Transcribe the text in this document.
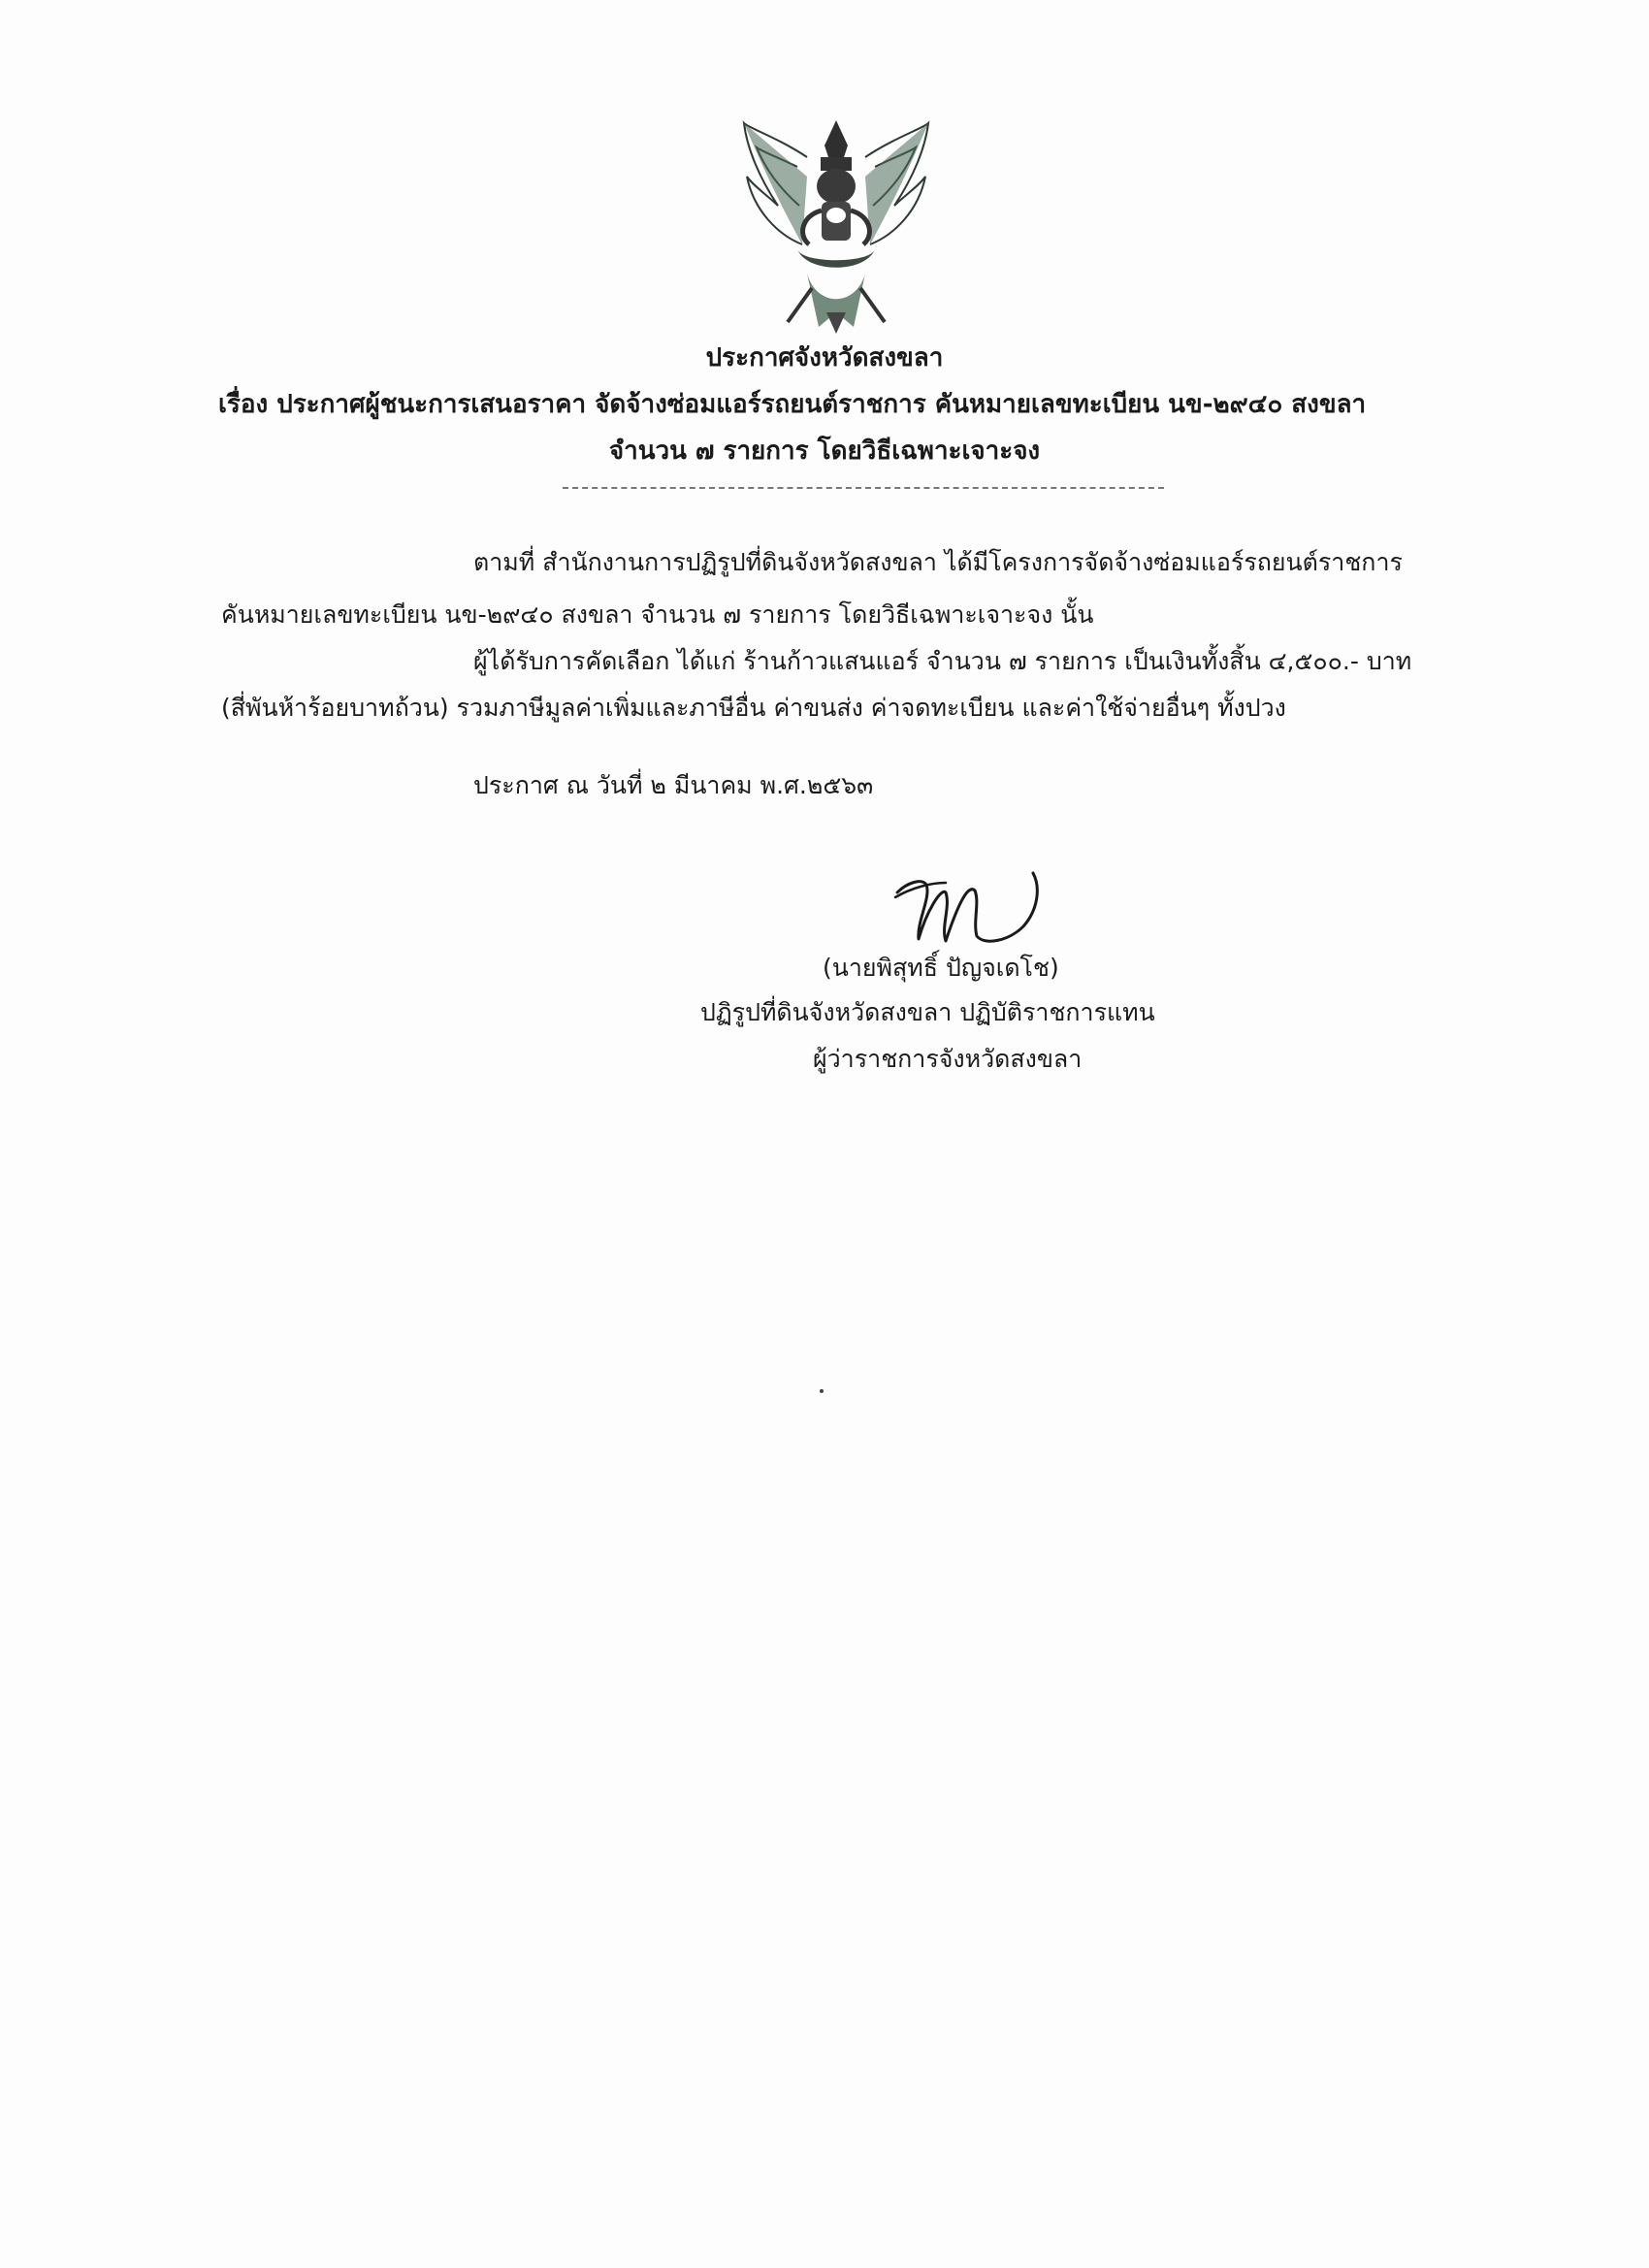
ประกาศจังหวัดสงขลา
เรื่อง ประกาศผู้ชนะการเสนอราคา จัดจ้างซ่อมแอร์รถยนต์ราชการ คันหมายเลขทะเบียน นข-๒๙๔๐ สงขลา
จำนวน ๗ รายการ โดยวิธีเฉพาะเจาะจง
ตามที่ สำนักงานการปฏิรูปที่ดินจังหวัดสงขลา ได้มีโครงการจัดจ้างซ่อมแอร์รถยนต์ราชการ
คันหมายเลขทะเบียน นข-๒๙๔๐ สงขลา จำนวน ๗ รายการ โดยวิธีเฉพาะเจาะจง นั้น
ผู้ได้รับการคัดเลือก ได้แก่ ร้านก้าวแสนแอร์ จำนวน ๗ รายการ เป็นเงินทั้งสิ้น ๔,๕๐๐.- บาท
(สี่พันห้าร้อยบาทถ้วน) รวมภาษีมูลค่าเพิ่มและภาษีอื่น ค่าขนส่ง ค่าจดทะเบียน และค่าใช้จ่ายอื่นๆ ทั้งปวง
ประกาศ ณ วันที่ ๒ มีนาคม พ.ศ.๒๕๖๓
(นายพิสุทธิ์ ปัญจเดโช)
ปฏิรูปที่ดินจังหวัดสงขลา ปฏิบัติราชการแทน
ผู้ว่าราชการจังหวัดสงขลา
